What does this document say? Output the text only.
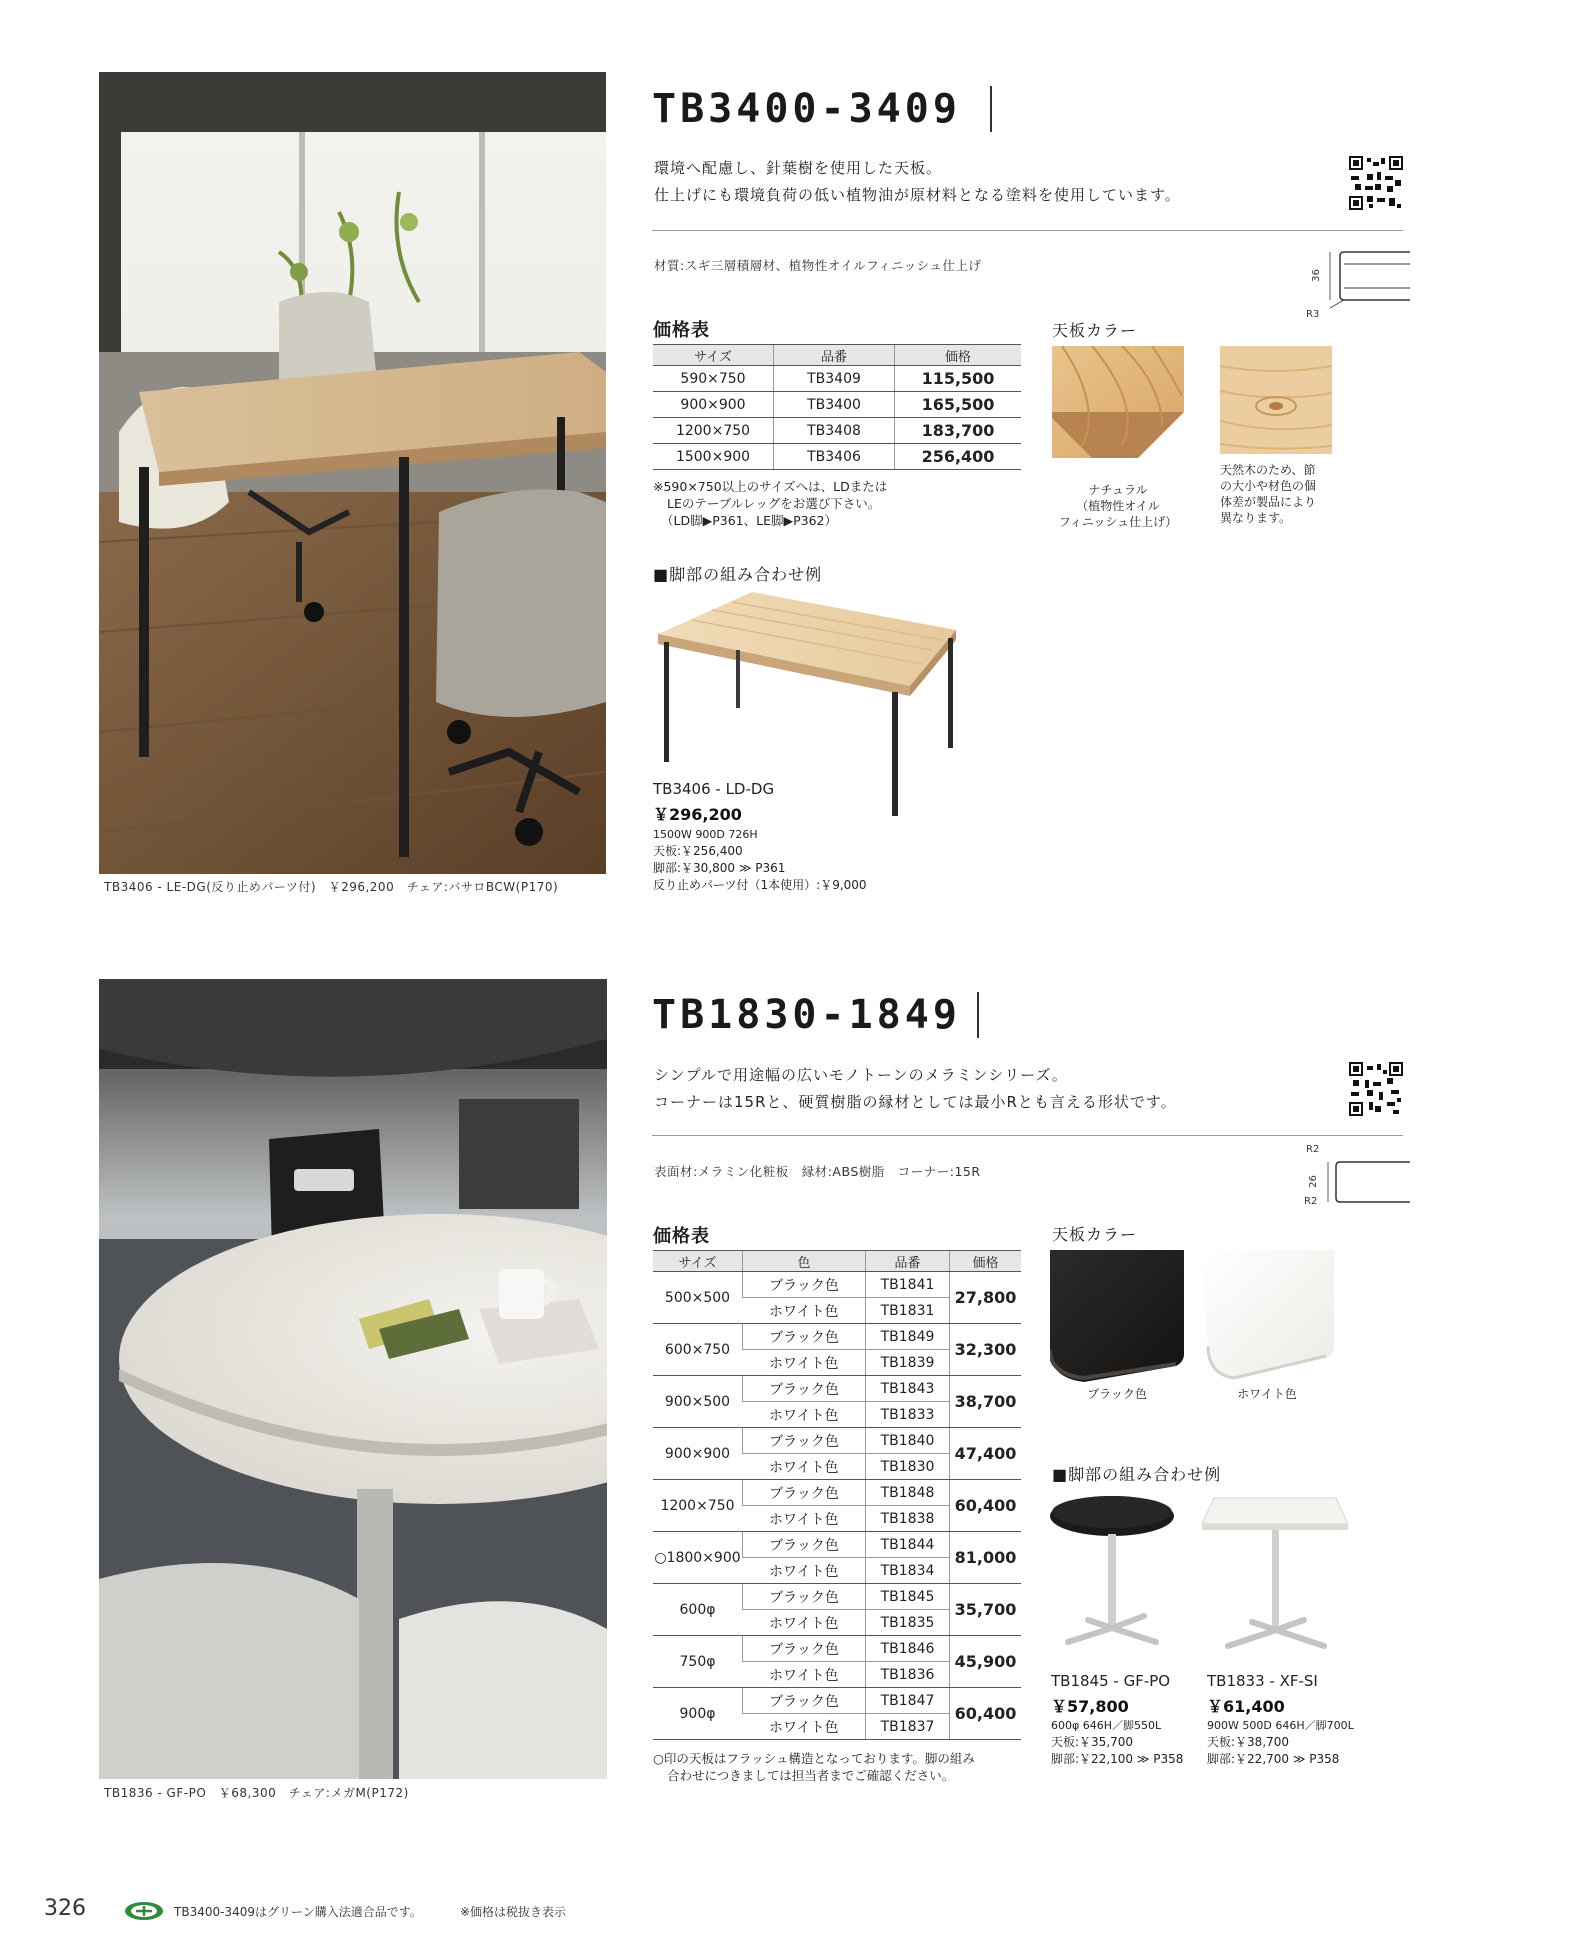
TB3406 - LE-DG(反り止めパーツ付)　￥296,200　チェア:バサロBCW(P170)
TB3400-3409
環境へ配慮し、針葉樹を使用した天板。
仕上げにも環境負荷の低い植物油が原材料となる塗料を使用しています。
材質:スギ三層積層材、植物性オイルフィニッシュ仕上げ
36
R3
価格表
サイズ	品番	価格
590×750	TB3409	115,500
900×900	TB3400	165,500
1200×750	TB3408	183,700
1500×900	TB3406	256,400
※590×750以上のサイズへは、LDまたは
LEのテーブルレッグをお選び下さい。
（LD脚▶P361、LE脚▶P362）
天板カラー
ナチュラル
（植物性オイル
フィニッシュ仕上げ）
天然木のため、節
の大小や材色の個
体差が製品により
異なります。
■脚部の組み合わせ例
TB3406 - LD-DG
￥296,200
1500W 900D 726H
天板:￥256,400
脚部:￥30,800 ≫ P361
反り止めパーツ付（1本使用）:￥9,000
TB1836 - GF-PO　￥68,300　チェア:メガM(P172)
TB1830-1849
シンプルで用途幅の広いモノトーンのメラミンシリーズ。
コーナーは15Rと、硬質樹脂の縁材としては最小Rとも言える形状です。
表面材:メラミン化粧板　縁材:ABS樹脂　コーナー:15R
R2
26
R2
価格表
サイズ	色	品番	価格
500×500	ブラック色	TB1841	27,800
	ホワイト色	TB1831	
600×750	ブラック色	TB1849	32,300
	ホワイト色	TB1839	
900×500	ブラック色	TB1843	38,700
	ホワイト色	TB1833	
900×900	ブラック色	TB1840	47,400
	ホワイト色	TB1830	
1200×750	ブラック色	TB1848	60,400
	ホワイト色	TB1838	
○1800×900	ブラック色	TB1844	81,000
	ホワイト色	TB1834	
600φ	ブラック色	TB1845	35,700
	ホワイト色	TB1835	
750φ	ブラック色	TB1846	45,900
	ホワイト色	TB1836	
900φ	ブラック色	TB1847	60,400
	ホワイト色	TB1837	
○印の天板はフラッシュ構造となっております。脚の組み
合わせにつきましては担当者までご確認ください。
天板カラー
ブラック色	ホワイト色
■脚部の組み合わせ例
TB1845 - GF-PO
￥57,800
600φ 646H／脚550L
天板:￥35,700
脚部:￥22,100 ≫ P358
TB1833 - XF-SI
￥61,400
900W 500D 646H／脚700L
天板:￥38,700
脚部:￥22,700 ≫ P358
326	TB3400-3409はグリーン購入法適合品です。	※価格は税抜き表示
